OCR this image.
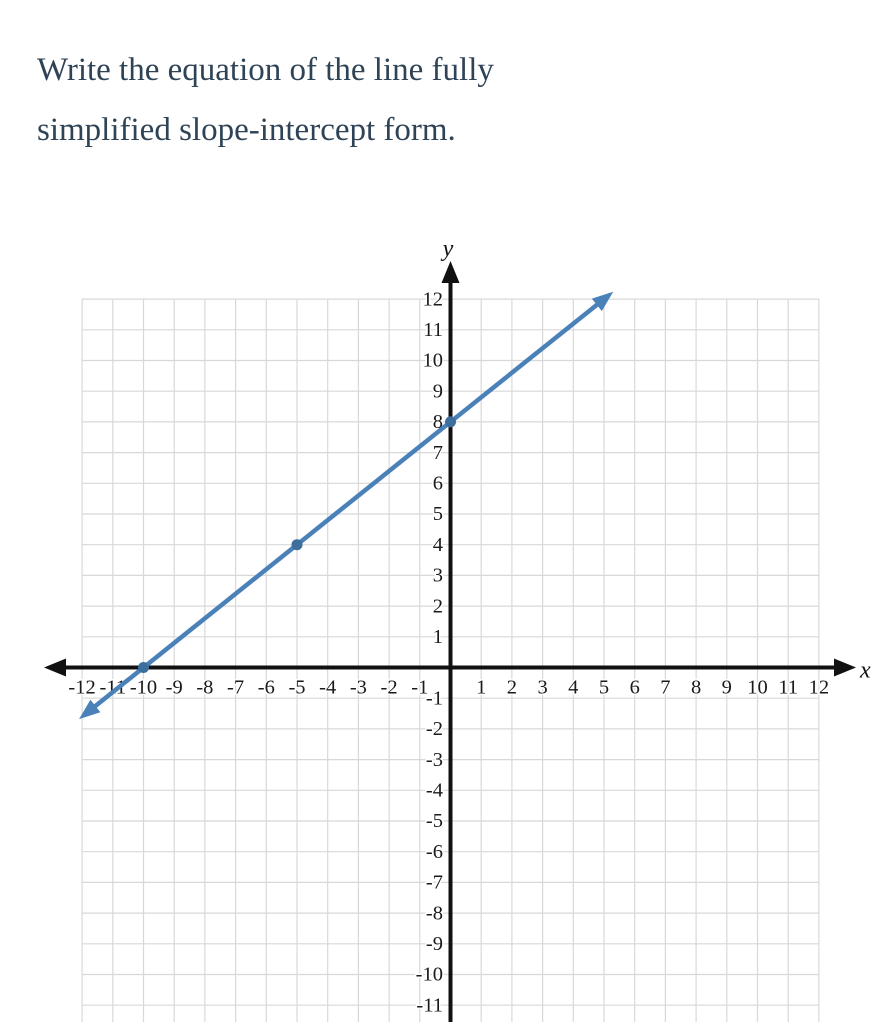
Write the equation of the line fully
simplified slope-intercept form.
-12 -11 -10 -9 -8 -7 -6 -5 -4 -3 -2 -1 1 2 3 4 5 6 7 8 9 10 11 12
12
11
10
9
8
7
6
5
4
3
2
1
-1
-2
-3
-4
-5
-6
-7
-8
-9
-10
-11
y
x
